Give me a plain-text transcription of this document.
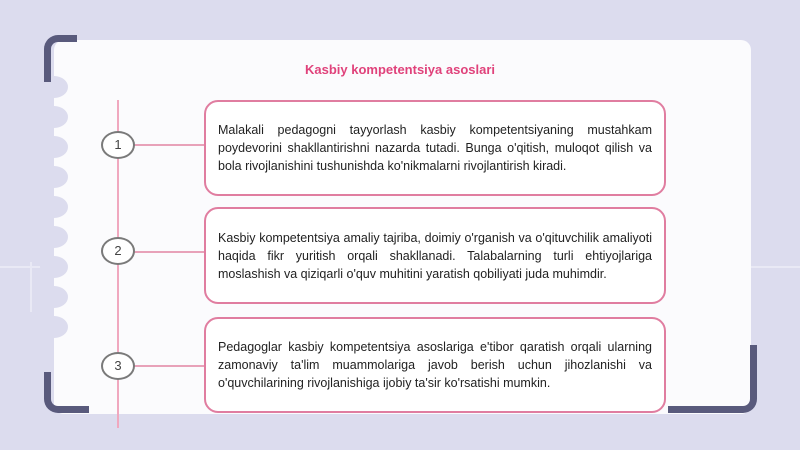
Kasbiy kompetentsiya asoslari
1

Malakali pedagogni tayyorlash kasbiy kompetentsiyaning mustahkam poydevorini shakllantirishni nazarda tutadi. Bunga o'qitish, muloqot qilish va bola rivojlanishini tushunishda ko'nikmalarni rivojlantirish kiradi.

2

Kasbiy kompetentsiya amaliy tajriba, doimiy o'rganish va o'qituvchilik amaliyoti haqida fikr yuritish orqali shakllanadi. Talabalarning turli ehtiyojlariga moslashish va qiziqarli o'quv muhitini yaratish qobiliyati juda muhimdir.

3

Pedagoglar kasbiy kompetentsiya asoslariga e'tibor qaratish orqali ularning zamonaviy ta'lim muammolariga javob berish uchun jihozlanishi va o'quvchilarining rivojlanishiga ijobiy ta'sir ko'rsatishi mumkin.
